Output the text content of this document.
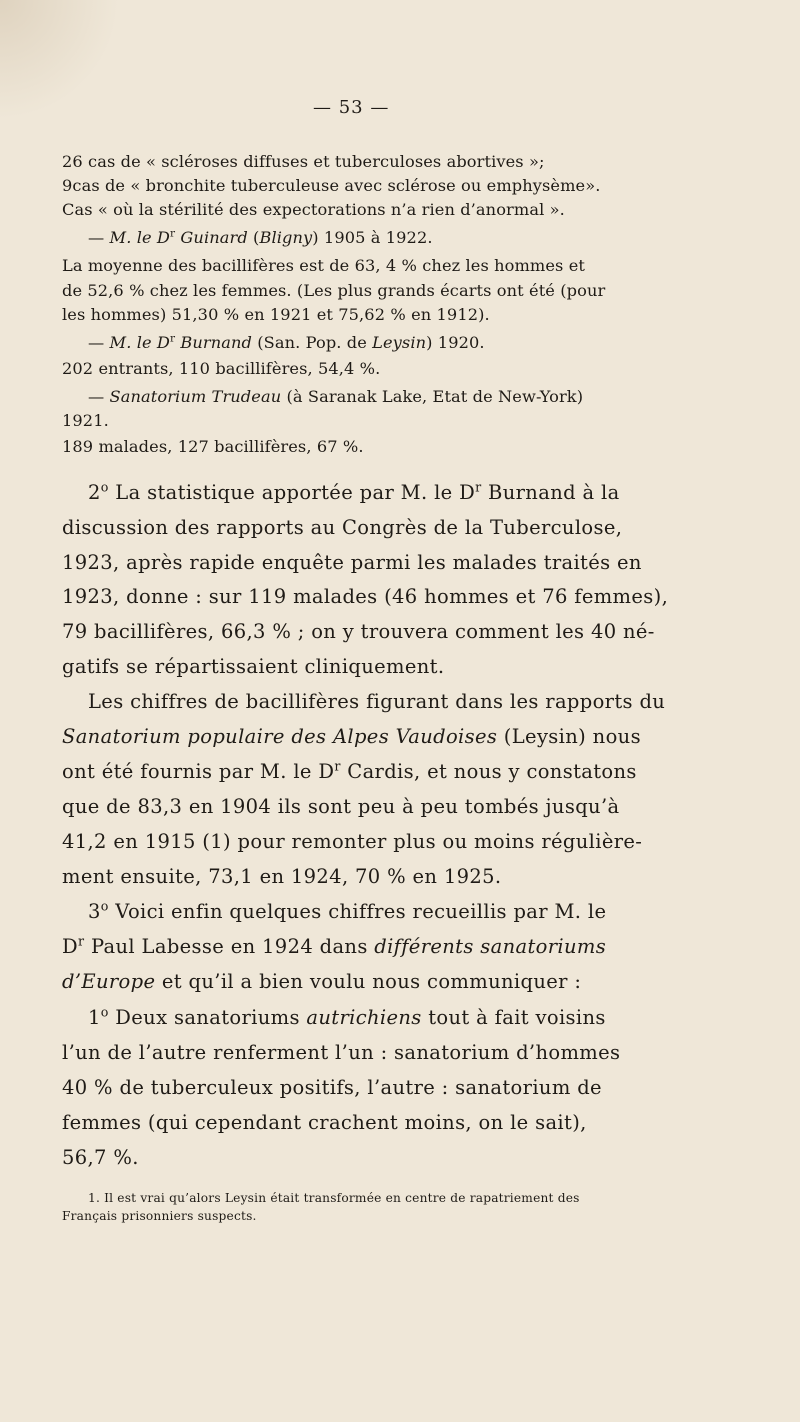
— 53 —
26 cas de « scléroses diffuses et tuberculoses abortives »;
9cas de « bronchite tuberculeuse avec sclérose ou emphysème».
Cas « où la stérilité des expectorations n’a rien d’anormal ».
— M. le $D^r$ Guinard (Bligny) 1905 à 1922.
La moyenne des bacillifères est de 63, 4 % chez les hommes et
de 52,6 % chez les femmes. (Les plus grands écarts ont été (pour
les hommes) 51,30 % en 1921 et 75,62 % en 1912).
— M. le $D^r$ Burnand (San. Pop. de Leysin) 1920.
202 entrants, 110 bacillifères, 54,4 %.
— Sanatorium Trudeau (à Saranak Lake, Etat de New-York)
1921.
189 malades, 127 bacillifères, 67 %.
2$^o$ La statistique apportée par M. le $D^r$ Burnand à la
discussion des rapports au Congrès de la Tuberculose,
1923, après rapide enquête parmi les malades traités en
1923, donne : sur 119 malades (46 hommes et 76 femmes),
79 bacillifères, 66,3 % ; on y trouvera comment les 40 né-
gatifs se répartissaient cliniquement.
Les chiffres de bacillifères figurant dans les rapports du
Sanatorium populaire des Alpes Vaudoises (Leysin) nous
ont été fournis par M. le $D^r$ Cardis, et nous y constatons
que de 83,3 en 1904 ils sont peu à peu tombés jusqu’à
41,2 en 1915 (1) pour remonter plus ou moins régulière-
ment ensuite, 73,1 en 1924, 70 % en 1925.
3$^o$ Voici enfin quelques chiffres recueillis par M. le
$D^r$ Paul Labesse en 1924 dans différents sanatoriums
d’Europe et qu’il a bien voulu nous communiquer :
1$^o$ Deux sanatoriums autrichiens tout à fait voisins
l’un de l’autre renferment l’un : sanatorium d’hommes
40 % de tuberculeux positifs, l’autre : sanatorium de
femmes (qui cependant crachent moins, on le sait),
56,7 %.
1. Il est vrai qu’alors Leysin était transformée en centre de rapatriement des
Français prisonniers suspects.
